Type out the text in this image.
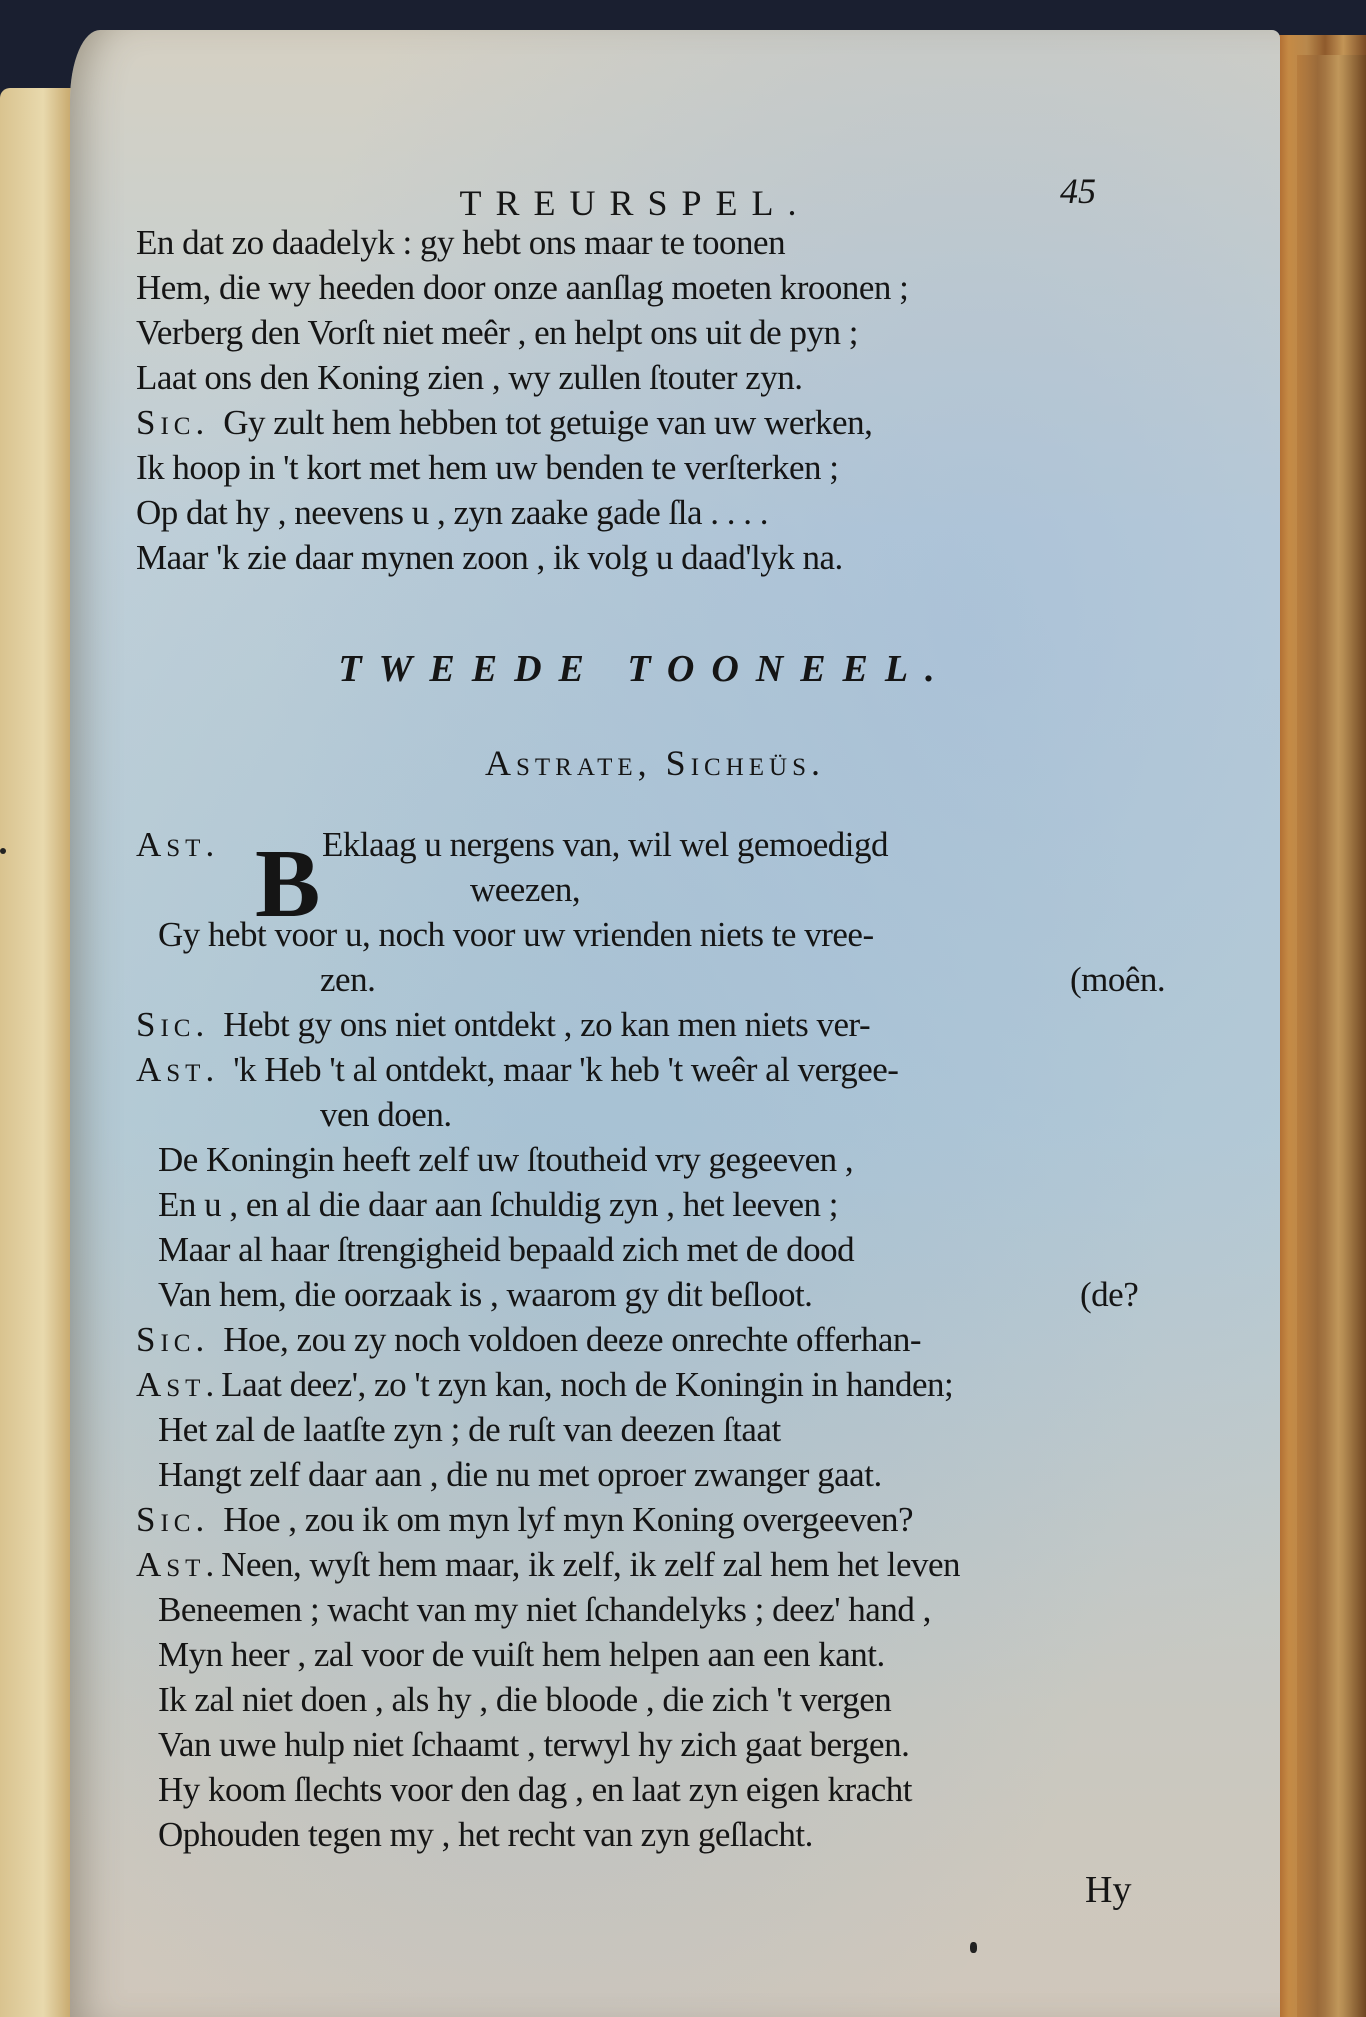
TREURSPEL.	45
En dat zo daadelyk : gy hebt ons maar te toonen
Hem, die wy heeden door onze aanſlag moeten kroonen ;
Verberg den Vorſt niet meêr , en helpt ons uit de pyn ;
Laat ons den Koning zien , wy zullen ſtouter zyn.
Sic. Gy zult hem hebben tot getuige van uw werken,
Ik hoop in 't kort met hem uw benden te verſterken ;
Op dat hy , neevens u , zyn zaake gade ſla . . . .
Maar 'k zie daar mynen zoon , ik volg u daad'lyk na.
TWEEDE TOONEEL.
Astrate, Sicheüs.
Ast. B Eklaag u nergens van, wil wel gemoedigd
weezen,
Gy hebt voor u, noch voor uw vrienden niets te vree-
zen.	(moên.
Sic. Hebt gy ons niet ontdekt , zo kan men niets ver-
Ast. 'k Heb 't al ontdekt, maar 'k heb 't weêr al vergee-
ven doen.
De Koningin heeft zelf uw ſtoutheid vry gegeeven ,
En u , en al die daar aan ſchuldig zyn , het leeven ;
Maar al haar ſtrengigheid bepaald zich met de dood
Van hem, die oorzaak is , waarom gy dit beſloot.	(de?
Sic. Hoe, zou zy noch voldoen deeze onrechte offerhan-
Ast.Laat deez', zo 't zyn kan, noch de Koningin in handen;
Het zal de laatſte zyn ; de ruſt van deezen ſtaat
Hangt zelf daar aan , die nu met oproer zwanger gaat.
Sic. Hoe , zou ik om myn lyf myn Koning overgeeven?
Ast.Neen, wyſt hem maar, ik zelf, ik zelf zal hem het leven
Beneemen ; wacht van my niet ſchandelyks ; deez' hand ,
Myn heer , zal voor de vuiſt hem helpen aan een kant.
Ik zal niet doen , als hy , die bloode , die zich 't vergen
Van uwe hulp niet ſchaamt , terwyl hy zich gaat bergen.
Hy koom ſlechts voor den dag , en laat zyn eigen kracht
Ophouden tegen my , het recht van zyn geſlacht.
Hy
